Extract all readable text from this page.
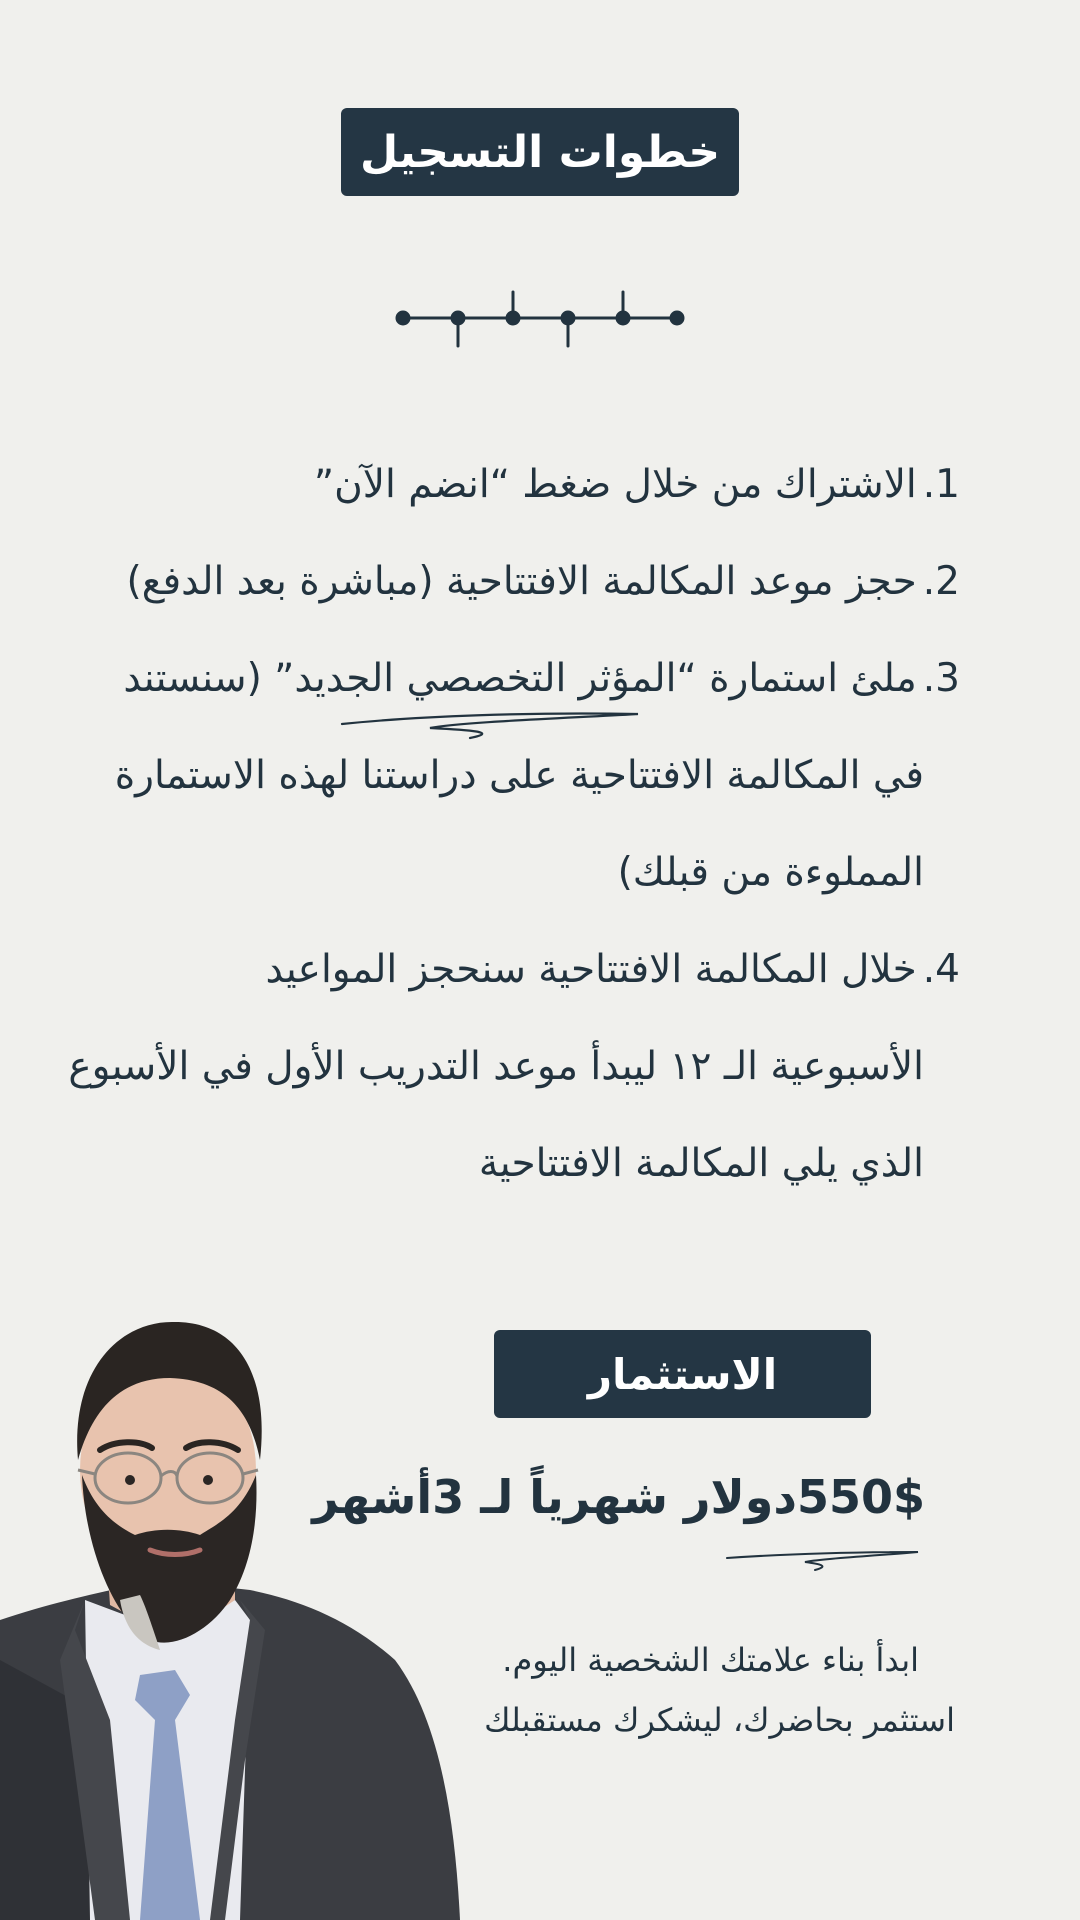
خطوات التسجيل
1.الاشتراك من خلال ضغط “انضم الآن”
2.حجز موعد المكالمة الافتتاحية (مباشرة بعد الدفع)
3.ملئ استمارة “المؤثر التخصصي الجديد” (سنستند
في المكالمة الافتتاحية على دراستنا لهذه الاستمارة
المملوءة من قبلك)
4.خلال المكالمة الافتتاحية سنحجز المواعيد
الأسبوعية الـ ١٢ ليبدأ موعد التدريب الأول في الأسبوع
الذي يلي المكالمة الافتتاحية
الاستثمار
550$دولار شهرياً لـ 3أشهر
ابدأ بناء علامتك الشخصية اليوم.
استثمر بحاضرك، ليشكرك مستقبلك
